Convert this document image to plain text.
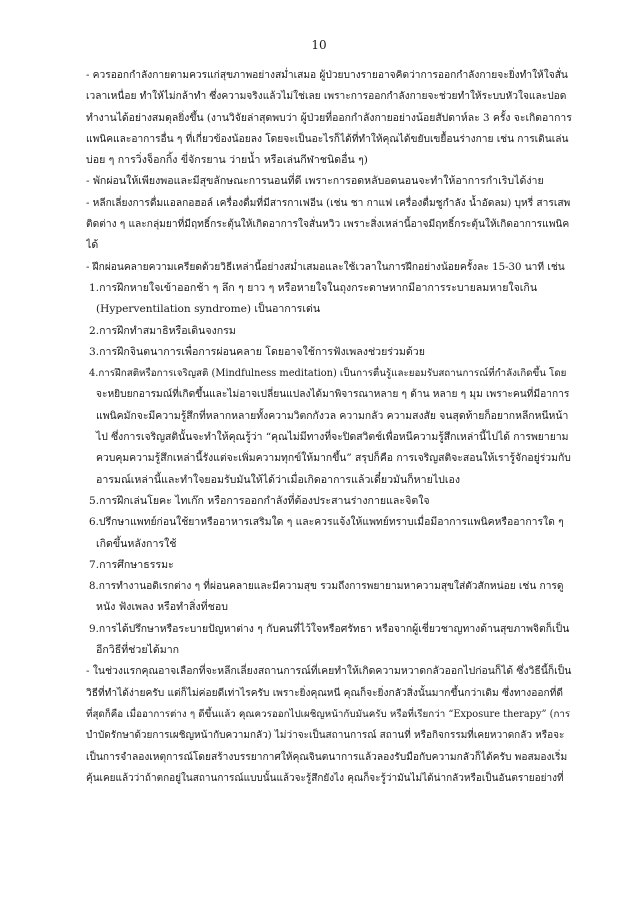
10
- ควรออกกำลังกายตามควรแก่สุขภาพอย่างสม่ำเสมอ ผู้ป่วยบางรายอาจคิดว่าการออกกำลังกายจะยิ่งทำให้ใจสั่น
เวลาเหนื่อย ทำให้ไม่กล้าทำ ซึ่งความจริงแล้วไม่ใช่เลย เพราะการออกกำลังกายจะช่วยทำให้ระบบหัวใจและปอด
ทำงานได้อย่างสมดุลยิ่งขึ้น (งานวิจัยล่าสุดพบว่า ผู้ป่วยที่ออกกำลังกายอย่างน้อยสัปดาห์ละ 3 ครั้ง จะเกิดอาการ
แพนิคและอาการอื่น ๆ ที่เกี่ยวข้องน้อยลง โดยจะเป็นอะไรก็ได้ที่ทำให้คุณได้ขยับเขยื้อนร่างกาย เช่น การเดินเล่น
บ่อย ๆ การวิ่งจ็อกกิ้ง ขี่จักรยาน ว่ายน้ำ หรือเล่นกีฬาชนิดอื่น ๆ)
- พักผ่อนให้เพียงพอและมีสุขลักษณะการนอนที่ดี เพราะการอดหลับอดนอนจะทำให้อาการกำเริบได้ง่าย
- หลีกเลี่ยงการดื่มแอลกอฮอล์ เครื่องดื่มที่มีสารกาเฟอีน (เช่น ชา กาแฟ เครื่องดื่มชูกำลัง น้ำอัดลม) บุหรี่ สารเสพ
ติดต่าง ๆ และกลุ่มยาที่มีฤทธิ์กระตุ้นให้เกิดอาการใจสั่นหวิว เพราะสิ่งเหล่านี้อาจมีฤทธิ์กระตุ้นให้เกิดอาการแพนิค
ได้
- ฝึกผ่อนคลายความเครียดด้วยวิธีเหล่านี้อย่างสม่ำเสมอและใช้เวลาในการฝึกอย่างน้อยครั้งละ 15-30 นาที เช่น
1.การฝึกหายใจเข้าออกช้า ๆ ลึก ๆ ยาว ๆ หรือหายใจในถุงกระดาษหากมีอาการระบายลมหายใจเกิน
(Hyperventilation syndrome) เป็นอาการเด่น
2.การฝึกทำสมาธิหรือเดินจงกรม
3.การฝึกจินตนาการเพื่อการผ่อนคลาย โดยอาจใช้การฟังเพลงช่วยร่วมด้วย
4.การฝึกสติหรือการเจริญสติ (Mindfulness meditation) เป็นการตื่นรู้และยอมรับสถานการณ์ที่กำลังเกิดขึ้น โดย
จะหยิบยกอารมณ์ที่เกิดขึ้นและไม่อาจเปลี่ยนแปลงได้มาพิจารณาหลาย ๆ ด้าน หลาย ๆ มุม เพราะคนที่มีอาการ
แพนิคมักจะมีความรู้สึกที่หลากหลายทั้งความวิตกกังวล ความกลัว ความสงสัย จนสุดท้ายก็อยากหลีกหนีหน้า
ไป ซึ่งการเจริญสตินั้นจะทำให้คุณรู้ว่า “คุณไม่มีทางที่จะปิดสวิตช์เพื่อหนีความรู้สึกเหล่านี้ไปได้ การพยายาม
ควบคุมความรู้สึกเหล่านี้รังแต่จะเพิ่มความทุกข์ให้มากขึ้น” สรุปก็คือ การเจริญสติจะสอนให้เรารู้จักอยู่ร่วมกับ
อารมณ์เหล่านี้และทำใจยอมรับมันให้ได้ว่าเมื่อเกิดอาการแล้วเดี๋ยวมันก็หายไปเอง
5.การฝึกเล่นโยคะ ไทเก๊ก หรือการออกกำลังที่ต้องประสานร่างกายและจิตใจ
6.ปรึกษาแพทย์ก่อนใช้ยาหรืออาหารเสริมใด ๆ และควรแจ้งให้แพทย์ทราบเมื่อมีอาการแพนิคหรืออาการใด ๆ
เกิดขึ้นหลังการใช้
7.การศึกษาธรรมะ
8.การทำงานอดิเรกต่าง ๆ ที่ผ่อนคลายและมีความสุข รวมถึงการพยายามหาความสุขใส่ตัวสักหน่อย เช่น การดู
หนัง ฟังเพลง หรือทำสิ่งที่ชอบ
9.การได้ปรึกษาหรือระบายปัญหาต่าง ๆ กับคนที่ไว้ใจหรือศรัทธา หรือจากผู้เชี่ยวชาญทางด้านสุขภาพจิตก็เป็น
อีกวิธีที่ช่วยได้มาก
- ในช่วงแรกคุณอาจเลือกที่จะหลีกเลี่ยงสถานการณ์ที่เคยทำให้เกิดความหวาดกลัวออกไปก่อนก็ได้ ซึ่งวิธีนี้ก็เป็น
วิธีที่ทำได้ง่ายครับ แต่ก็ไม่ค่อยดีเท่าไรครับ เพราะยิ่งคุณหนี คุณก็จะยิ่งกลัวสิ่งนั้นมากขึ้นกว่าเดิม ซึ่งทางออกที่ดี
ที่สุดก็คือ เมื่ออาการต่าง ๆ ดีขึ้นแล้ว คุณควรออกไปเผชิญหน้ากับมันครับ หรือที่เรียกว่า “Exposure therapy” (การ
บำบัดรักษาด้วยการเผชิญหน้ากับความกลัว) ไม่ว่าจะเป็นสถานการณ์ สถานที่ หรือกิจกรรมที่เคยหวาดกลัว หรือจะ
เป็นการจำลองเหตุการณ์โดยสร้างบรรยากาศให้คุณจินตนาการแล้วลองรับมือกับความกลัวก็ได้ครับ พอสมองเริ่ม
คุ้นเคยแล้วว่าถ้าตกอยู่ในสถานการณ์แบบนั้นแล้วจะรู้สึกยังไง คุณก็จะรู้ว่ามันไม่ได้น่ากลัวหรือเป็นอันตรายอย่างที่
